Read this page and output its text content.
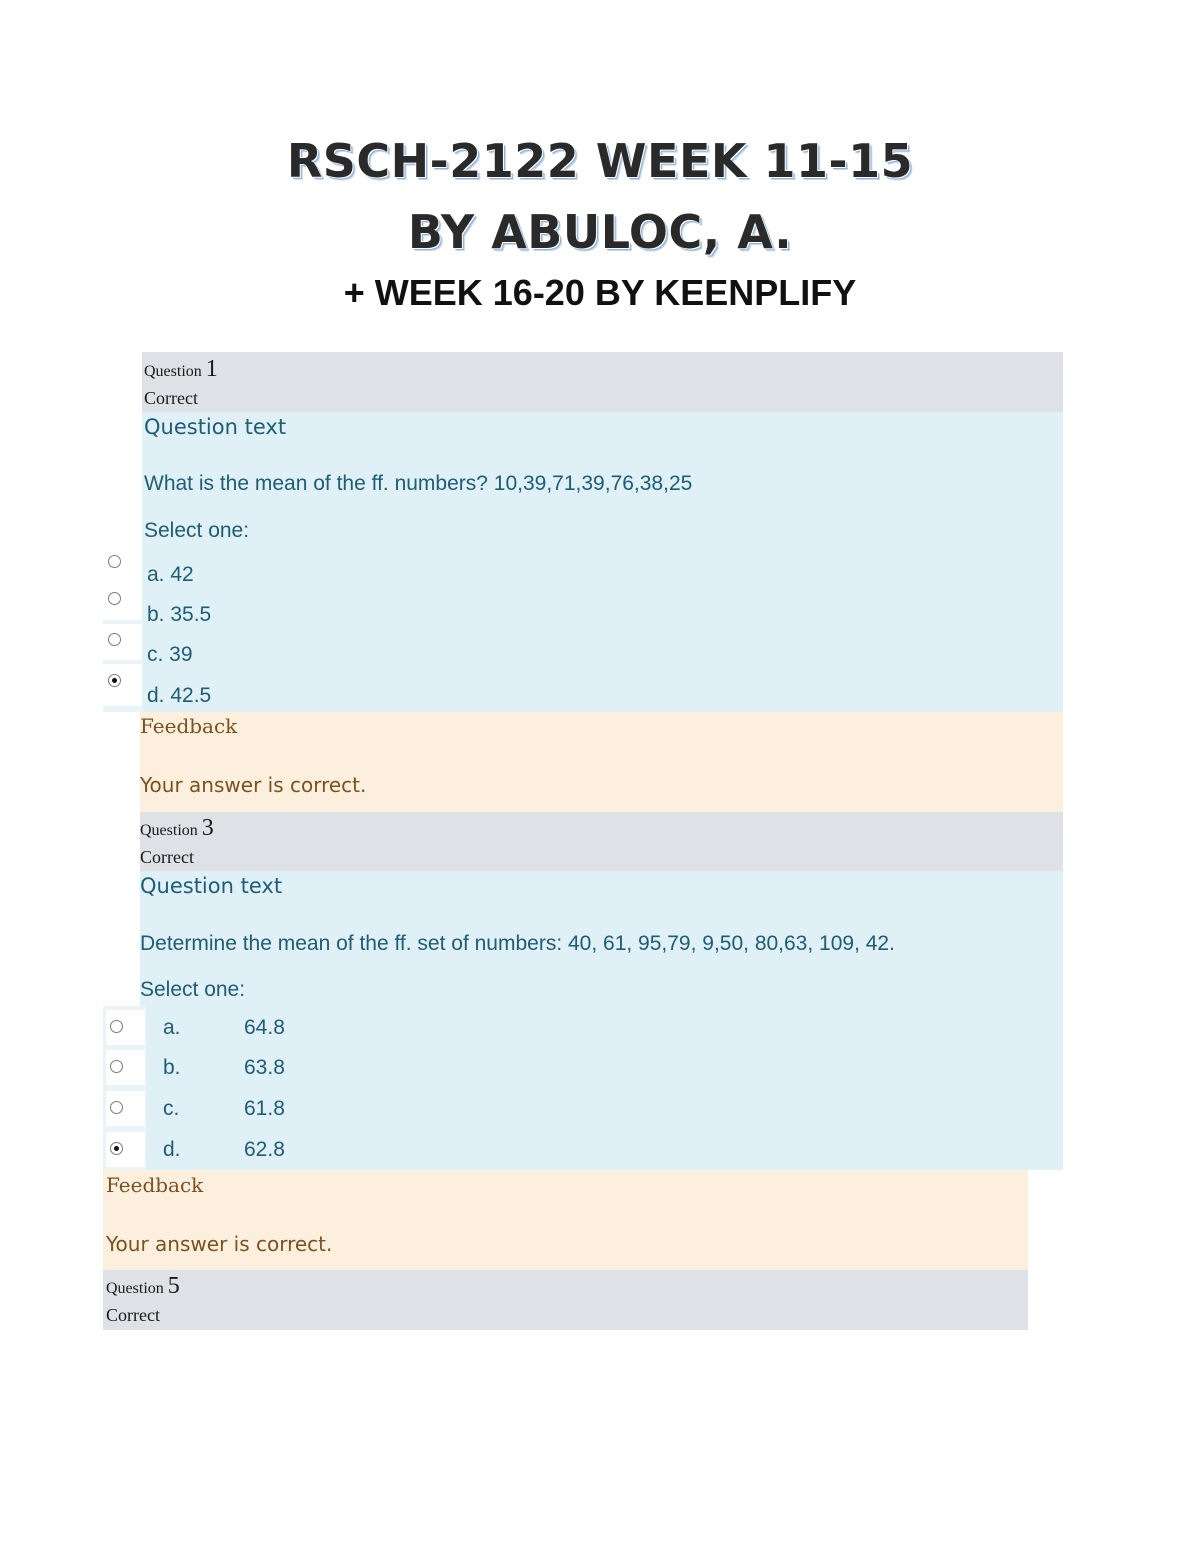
RSCH-2122 WEEK 11-15
BY ABULOC, A.
+ WEEK 16-20 BY KEENPLIFY
Question 1
Correct
Question text
What is the mean of the ff. numbers? 10,39,71,39,76,38,25
Select one:
a. 42
b. 35.5
c. 39
d. 42.5
Feedback
Your answer is correct.
Question 3
Correct
Question text
Determine the mean of the ff. set of numbers: 40, 61, 95,79, 9,50, 80,63, 109, 42.
Select one:
a.	64.8
b.	63.8
c.	61.8
d.	62.8
Feedback
Your answer is correct.
Question 5
Correct
